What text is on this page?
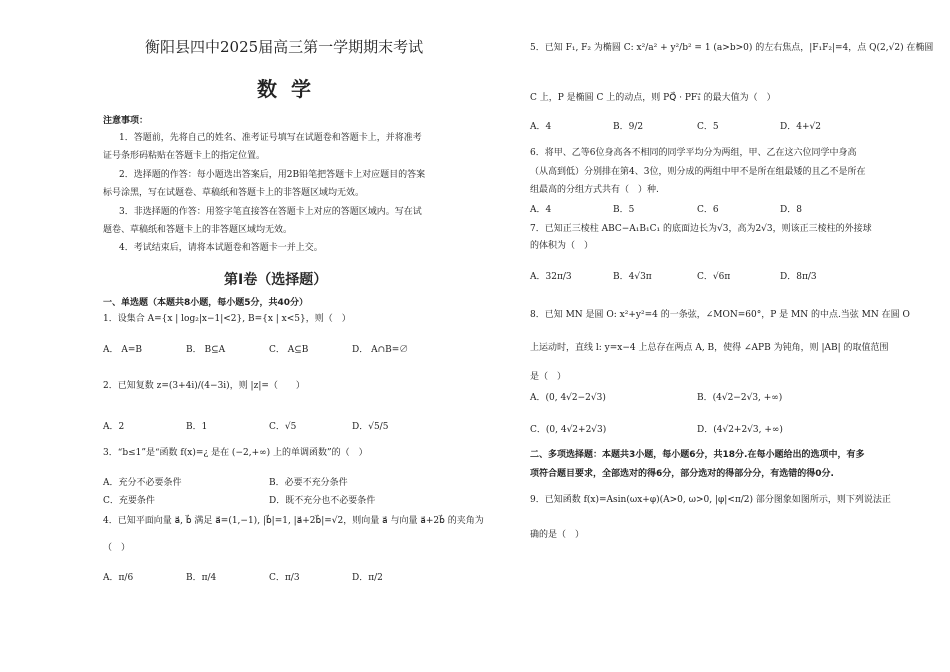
衡阳县四中2025届高三第一学期期末考试
数学
注意事项：
1．答题前，先将自己的姓名、准考证号填写在试题卷和答题卡上，并将准考
证号条形码粘贴在答题卡上的指定位置。
2．选择题的作答：每小题选出答案后，用2B铅笔把答题卡上对应题目的答案
标号涂黑，写在试题卷、草稿纸和答题卡上的非答题区域均无效。
3．非选择题的作答：用签字笔直接答在答题卡上对应的答题区域内。写在试
题卷、草稿纸和答题卡上的非答题区域均无效。
4．考试结束后，请将本试题卷和答题卡一并上交。
第Ⅰ卷（选择题）
一、单选题（本题共8小题，每小题5分，共40分）
1．设集合 A={x | log₂|x−1|<2}, B={x | x<5}，则（　）
A． A=B	B． B⊆A	C． A⊆B	D． A∩B=∅
2．已知复数 z=(3+4i)/(4−3i)，则 |z|=（　　）
A．2	B．1	C．√5	D．√5/5
3．“b≤1”是“函数 f(x)=¿ 是在 (−2,+∞) 上的单调函数”的（　）
A．充分不必要条件	B．必要不充分条件
C．充要条件	D．既不充分也不必要条件
4．已知平面向量 a⃗, b⃗ 满足 a⃗=(1,−1), |b⃗|=1, |a⃗+2b⃗|=√2，则向量 a⃗ 与向量 a⃗+2b⃗ 的夹角为
（　）
A．π/6	B．π/4	C．π/3	D．π/2
5．已知 F₁, F₂ 为椭圆 C: x²/a² + y²/b² = 1 (a>b>0) 的左右焦点，|F₁F₂|=4，点 Q(2,√2) 在椭圆
C 上，P 是椭圆 C 上的动点，则 PQ⃗ · PF₁⃗ 的最大值为（　）
A．4	B．9/2	C．5	D．4+√2
6．将甲、乙等6位身高各不相同的同学平均分为两组，甲、乙在这六位同学中身高
（从高到低）分别排在第4、3位，则分成的两组中甲不是所在组最矮的且乙不是所在
组最高的分组方式共有（　）种.
A．4	B．5	C．6	D．8
7．已知正三棱柱 ABC−A₁B₁C₁ 的底面边长为√3，高为2√3，则该正三棱柱的外接球
的体积为（　）
A．32π/3	B．4√3π	C．√6π	D．8π/3
8．已知 MN 是圆 O: x²+y²=4 的一条弦，∠MON=60°，P 是 MN 的中点.当弦 MN 在圆 O
上运动时，直线 l: y=x−4 上总存在两点 A, B，使得 ∠APB 为钝角，则 |AB| 的取值范围
是（　）
A．(0, 4√2−2√3)	B．(4√2−2√3, +∞)
C．(0, 4√2+2√3)	D．(4√2+2√3, +∞)
9．已知函数 f(x)=Asin(ωx+φ)(A>0, ω>0, |φ|<π/2) 部分图象如图所示，则下列说法正
确的是（　）
二、多项选择题：本题共3小题，每小题6分，共18分.在每小题给出的选项中，有多
项符合题目要求，全部选对的得6分，部分选对的得部分分，有选错的得0分.
